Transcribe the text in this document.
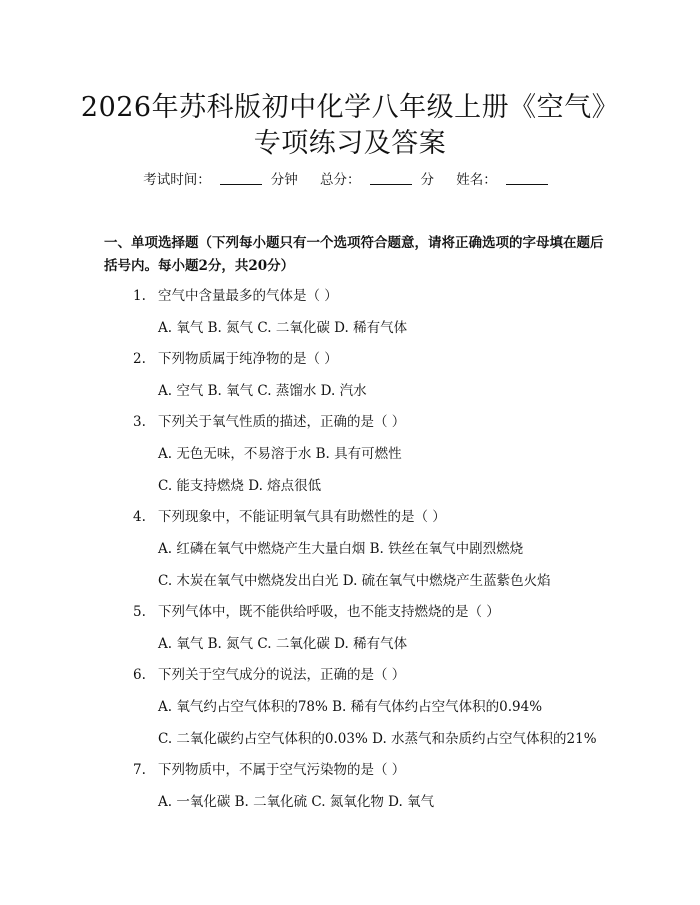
2026年苏科版初中化学八年级上册《空气》
专项练习及答案
考试时间：	分钟 总分：	分 姓名：
一、单项选择题（下列每小题只有一个选项符合题意，请将正确选项的字母填在题后括号内。每小题2分，共20分）
1. 空气中含量最多的气体是（ ）
A. 氧气 B. 氮气 C. 二氧化碳 D. 稀有气体
2. 下列物质属于纯净物的是（ ）
A. 空气 B. 氧气 C. 蒸馏水 D. 汽水
3. 下列关于氧气性质的描述，正确的是（ ）
A. 无色无味，不易溶于水 B. 具有可燃性
C. 能支持燃烧 D. 熔点很低
4. 下列现象中，不能证明氧气具有助燃性的是（ ）
A. 红磷在氧气中燃烧产生大量白烟 B. 铁丝在氧气中剧烈燃烧
C. 木炭在氧气中燃烧发出白光 D. 硫在氧气中燃烧产生蓝紫色火焰
5. 下列气体中，既不能供给呼吸，也不能支持燃烧的是（ ）
A. 氧气 B. 氮气 C. 二氧化碳 D. 稀有气体
6. 下列关于空气成分的说法，正确的是（ ）
A. 氧气约占空气体积的78% B. 稀有气体约占空气体积的0.94%
C. 二氧化碳约占空气体积的0.03% D. 水蒸气和杂质约占空气体积的21%
7. 下列物质中，不属于空气污染物的是（ ）
A. 一氧化碳 B. 二氧化硫 C. 氮氧化物 D. 氧气
